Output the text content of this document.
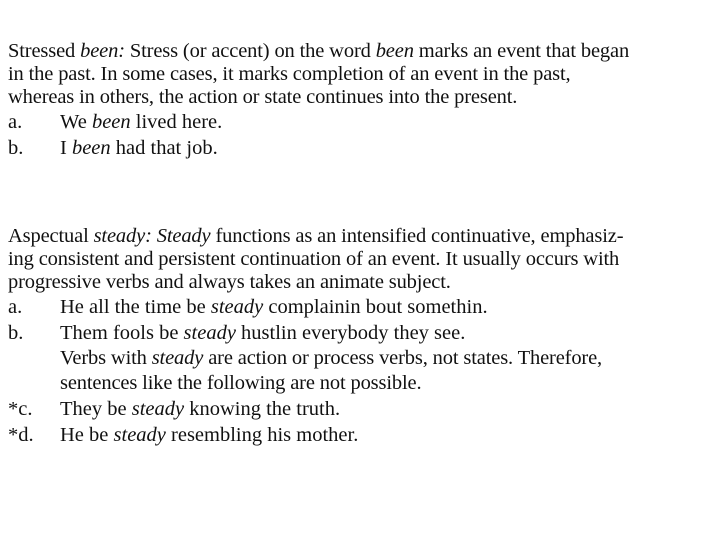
Stressed been: Stress (or accent) on the word been marks an event that began
in the past. In some cases, it marks completion of an event in the past,
whereas in others, the action or state continues into the present.
a.	We been lived here.
b.	I been had that job.
Aspectual steady: Steady functions as an intensified continuative, emphasiz-
ing consistent and persistent continuation of an event. It usually occurs with
progressive verbs and always takes an animate subject.
a.	He all the time be steady complainin bout somethin.
b.	Them fools be steady hustlin everybody they see.
Verbs with steady are action or process verbs, not states. Therefore,
sentences like the following are not possible.
*c.	They be steady knowing the truth.
*d.	He be steady resembling his mother.
